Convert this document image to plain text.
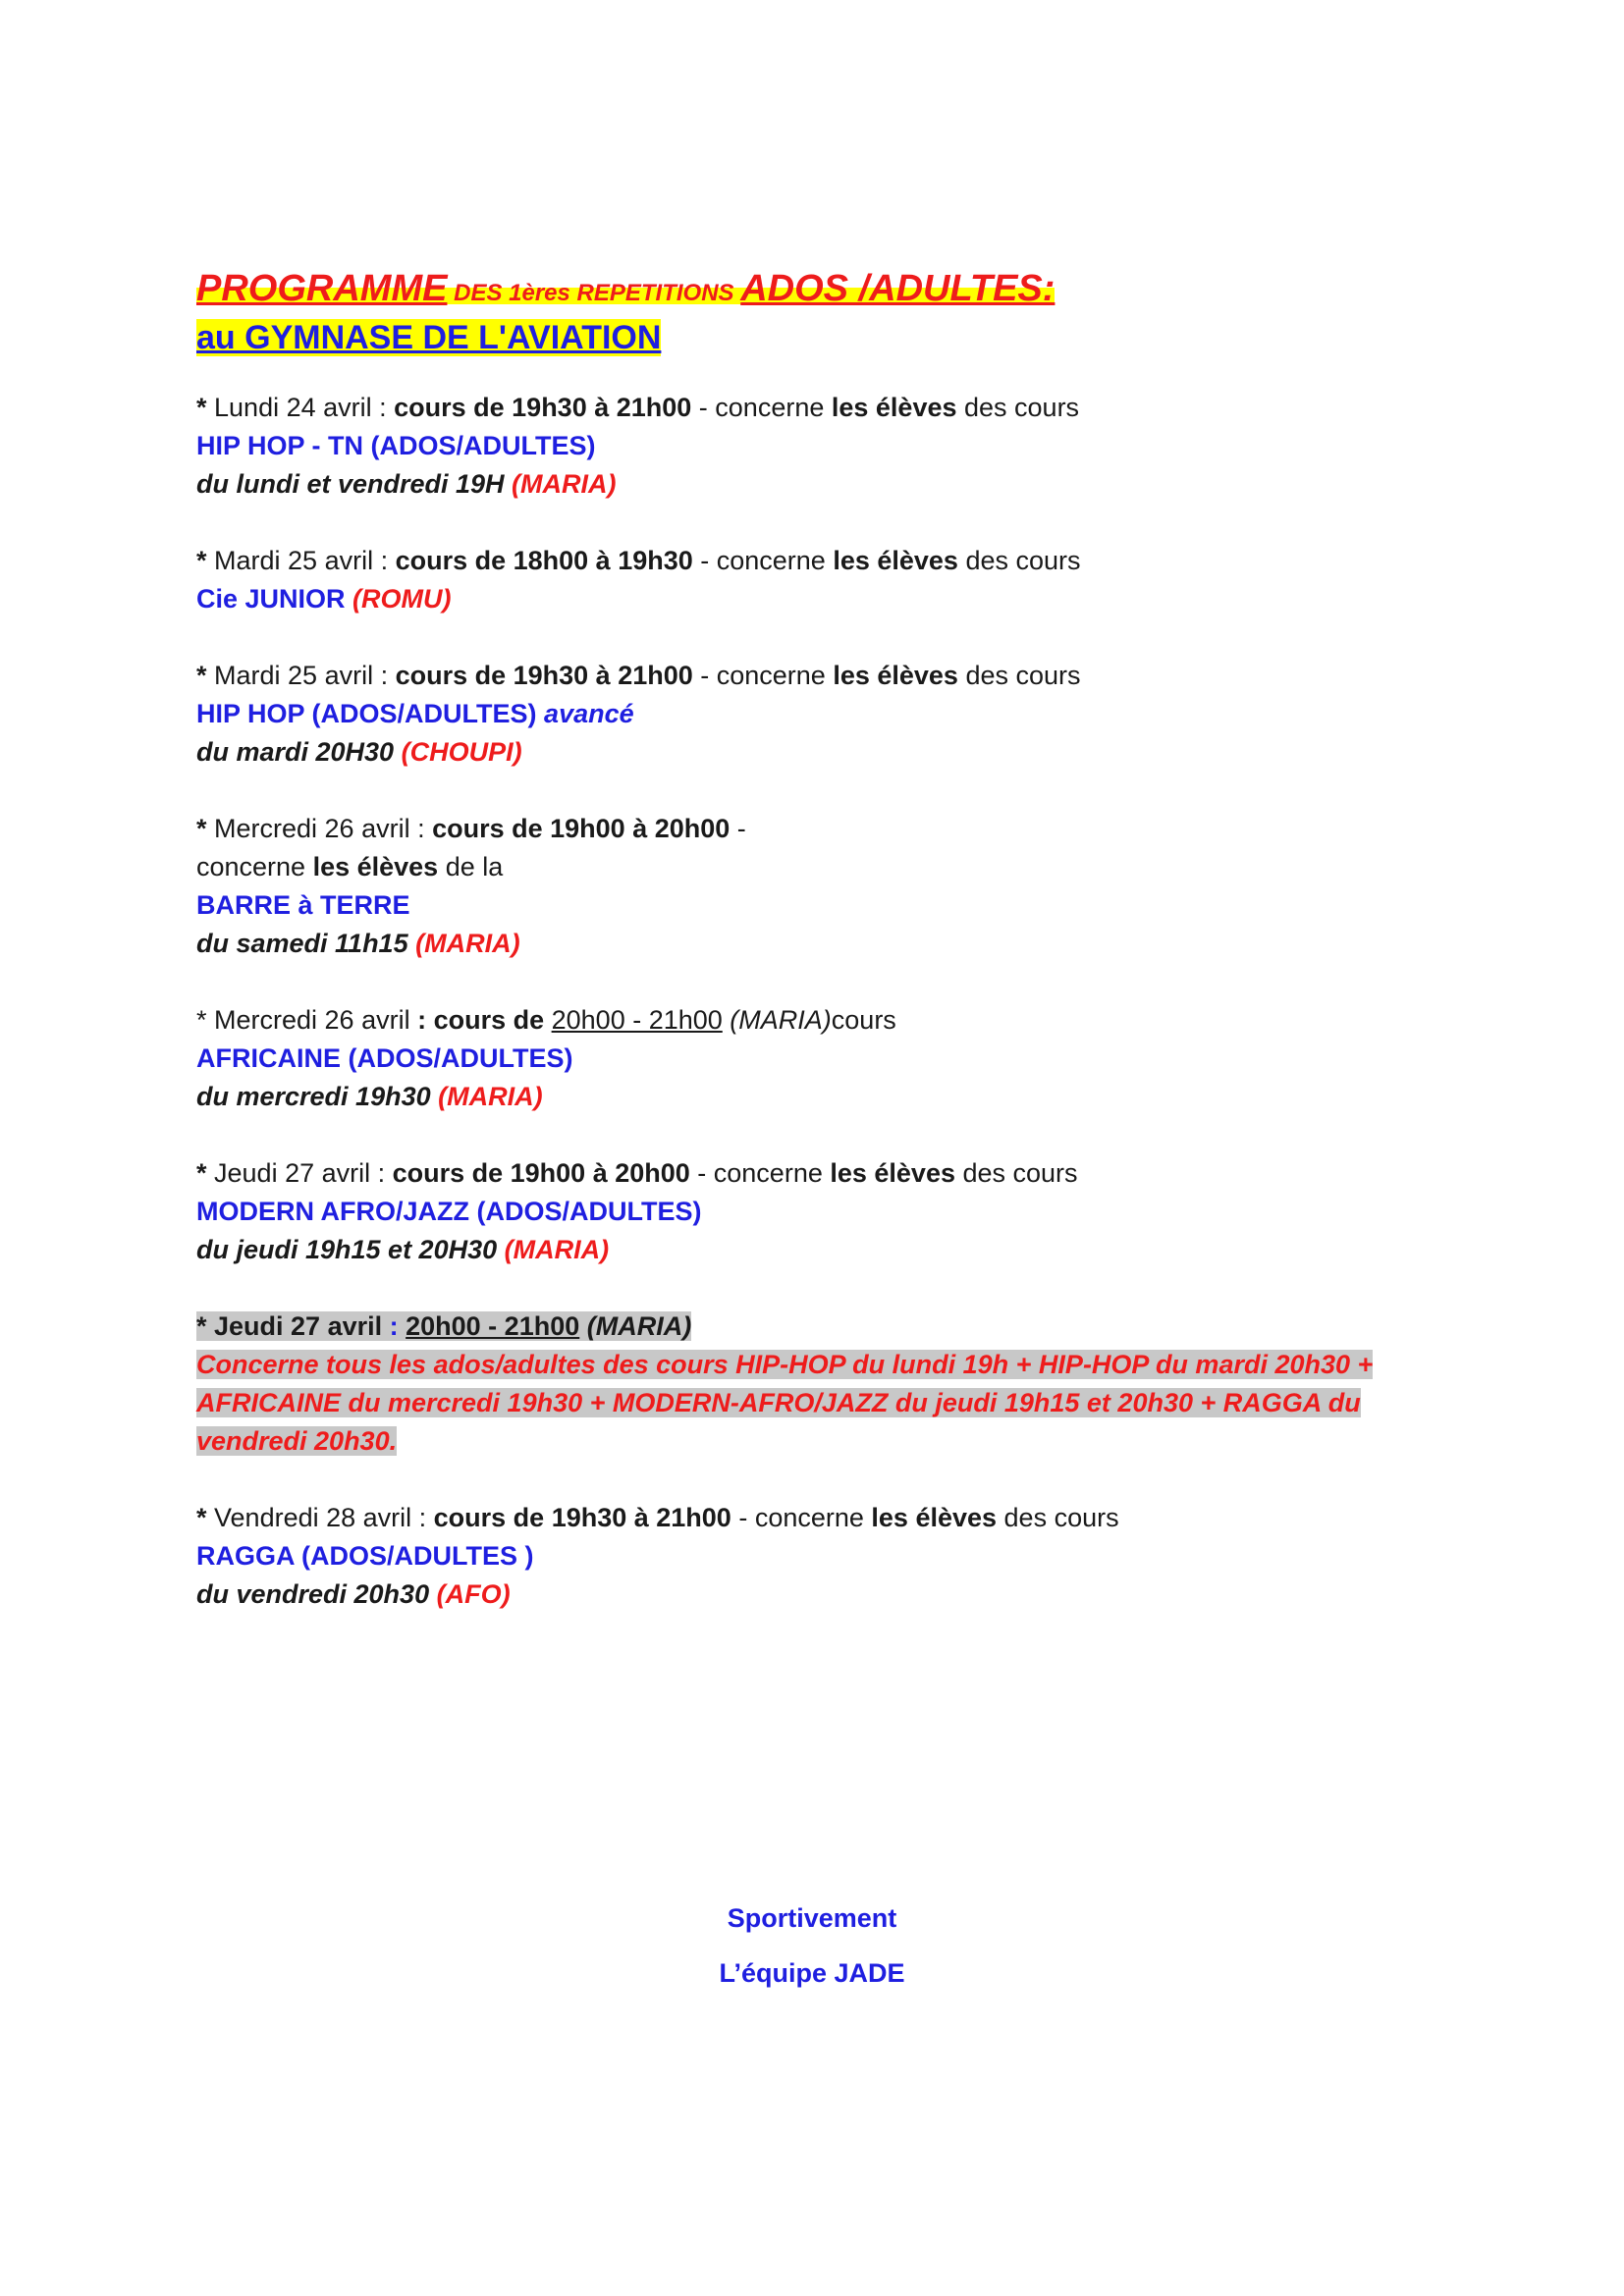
PROGRAMME DES 1ères REPETITIONS ADOS /ADULTES:
au GYMNASE DE L'AVIATION
* Lundi 24 avril : cours de 19h30 à 21h00 - concerne les élèves des cours
HIP HOP - TN (ADOS/ADULTES)
du lundi et vendredi 19H (MARIA)
* Mardi 25 avril : cours de 18h00 à 19h30 - concerne les élèves des cours
Cie JUNIOR (ROMU)
* Mardi 25 avril : cours de 19h30 à 21h00 - concerne les élèves des cours
HIP HOP (ADOS/ADULTES) avancé
du mardi 20H30 (CHOUPI)
* Mercredi 26 avril : cours de 19h00 à 20h00 -
concerne les élèves de la
BARRE à TERRE
du samedi 11h15 (MARIA)
* Mercredi 26 avril : cours de 20h00 - 21h00 (MARIA)cours
AFRICAINE (ADOS/ADULTES)
du mercredi 19h30 (MARIA)
* Jeudi 27 avril : cours de 19h00 à 20h00 - concerne les élèves des cours
MODERN AFRO/JAZZ (ADOS/ADULTES)
du jeudi 19h15 et 20H30 (MARIA)
* Jeudi 27 avril : 20h00 - 21h00 (MARIA)
Concerne tous les ados/adultes des cours HIP-HOP du lundi 19h + HIP-HOP du mardi 20h30 + AFRICAINE du mercredi 19h30 + MODERN-AFRO/JAZZ du jeudi 19h15 et 20h30 + RAGGA du vendredi 20h30.
* Vendredi 28 avril : cours de 19h30 à 21h00 - concerne les élèves des cours
RAGGA (ADOS/ADULTES )
du vendredi 20h30 (AFO)
Sportivement
L’équipe JADE
